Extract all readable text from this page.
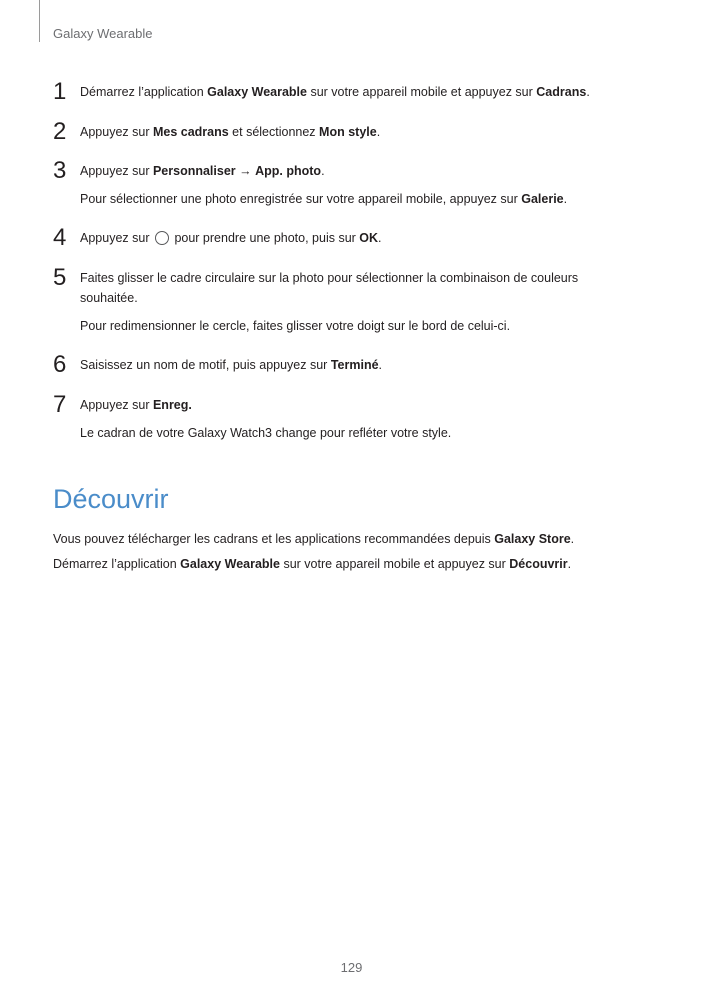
Galaxy Wearable
1 Démarrez l’application Galaxy Wearable sur votre appareil mobile et appuyez sur Cadrans.

2 Appuyez sur Mes cadrans et sélectionnez Mon style.

3 Appuyez sur Personnaliser → App. photo.

Pour sélectionner une photo enregistrée sur votre appareil mobile, appuyez sur Galerie.

4 Appuyez sur  pour prendre une photo, puis sur OK.

5 Faites glisser le cadre circulaire sur la photo pour sélectionner la combinaison de couleurs souhaitée.

Pour redimensionner le cercle, faites glisser votre doigt sur le bord de celui-ci.

6 Saisissez un nom de motif, puis appuyez sur Terminé.

7 Appuyez sur Enreg.

Le cadran de votre Galaxy Watch3 change pour refléter votre style.

Découvrir

Vous pouvez télécharger les cadrans et les applications recommandées depuis Galaxy Store.

Démarrez l’application Galaxy Wearable sur votre appareil mobile et appuyez sur Découvrir.

129
